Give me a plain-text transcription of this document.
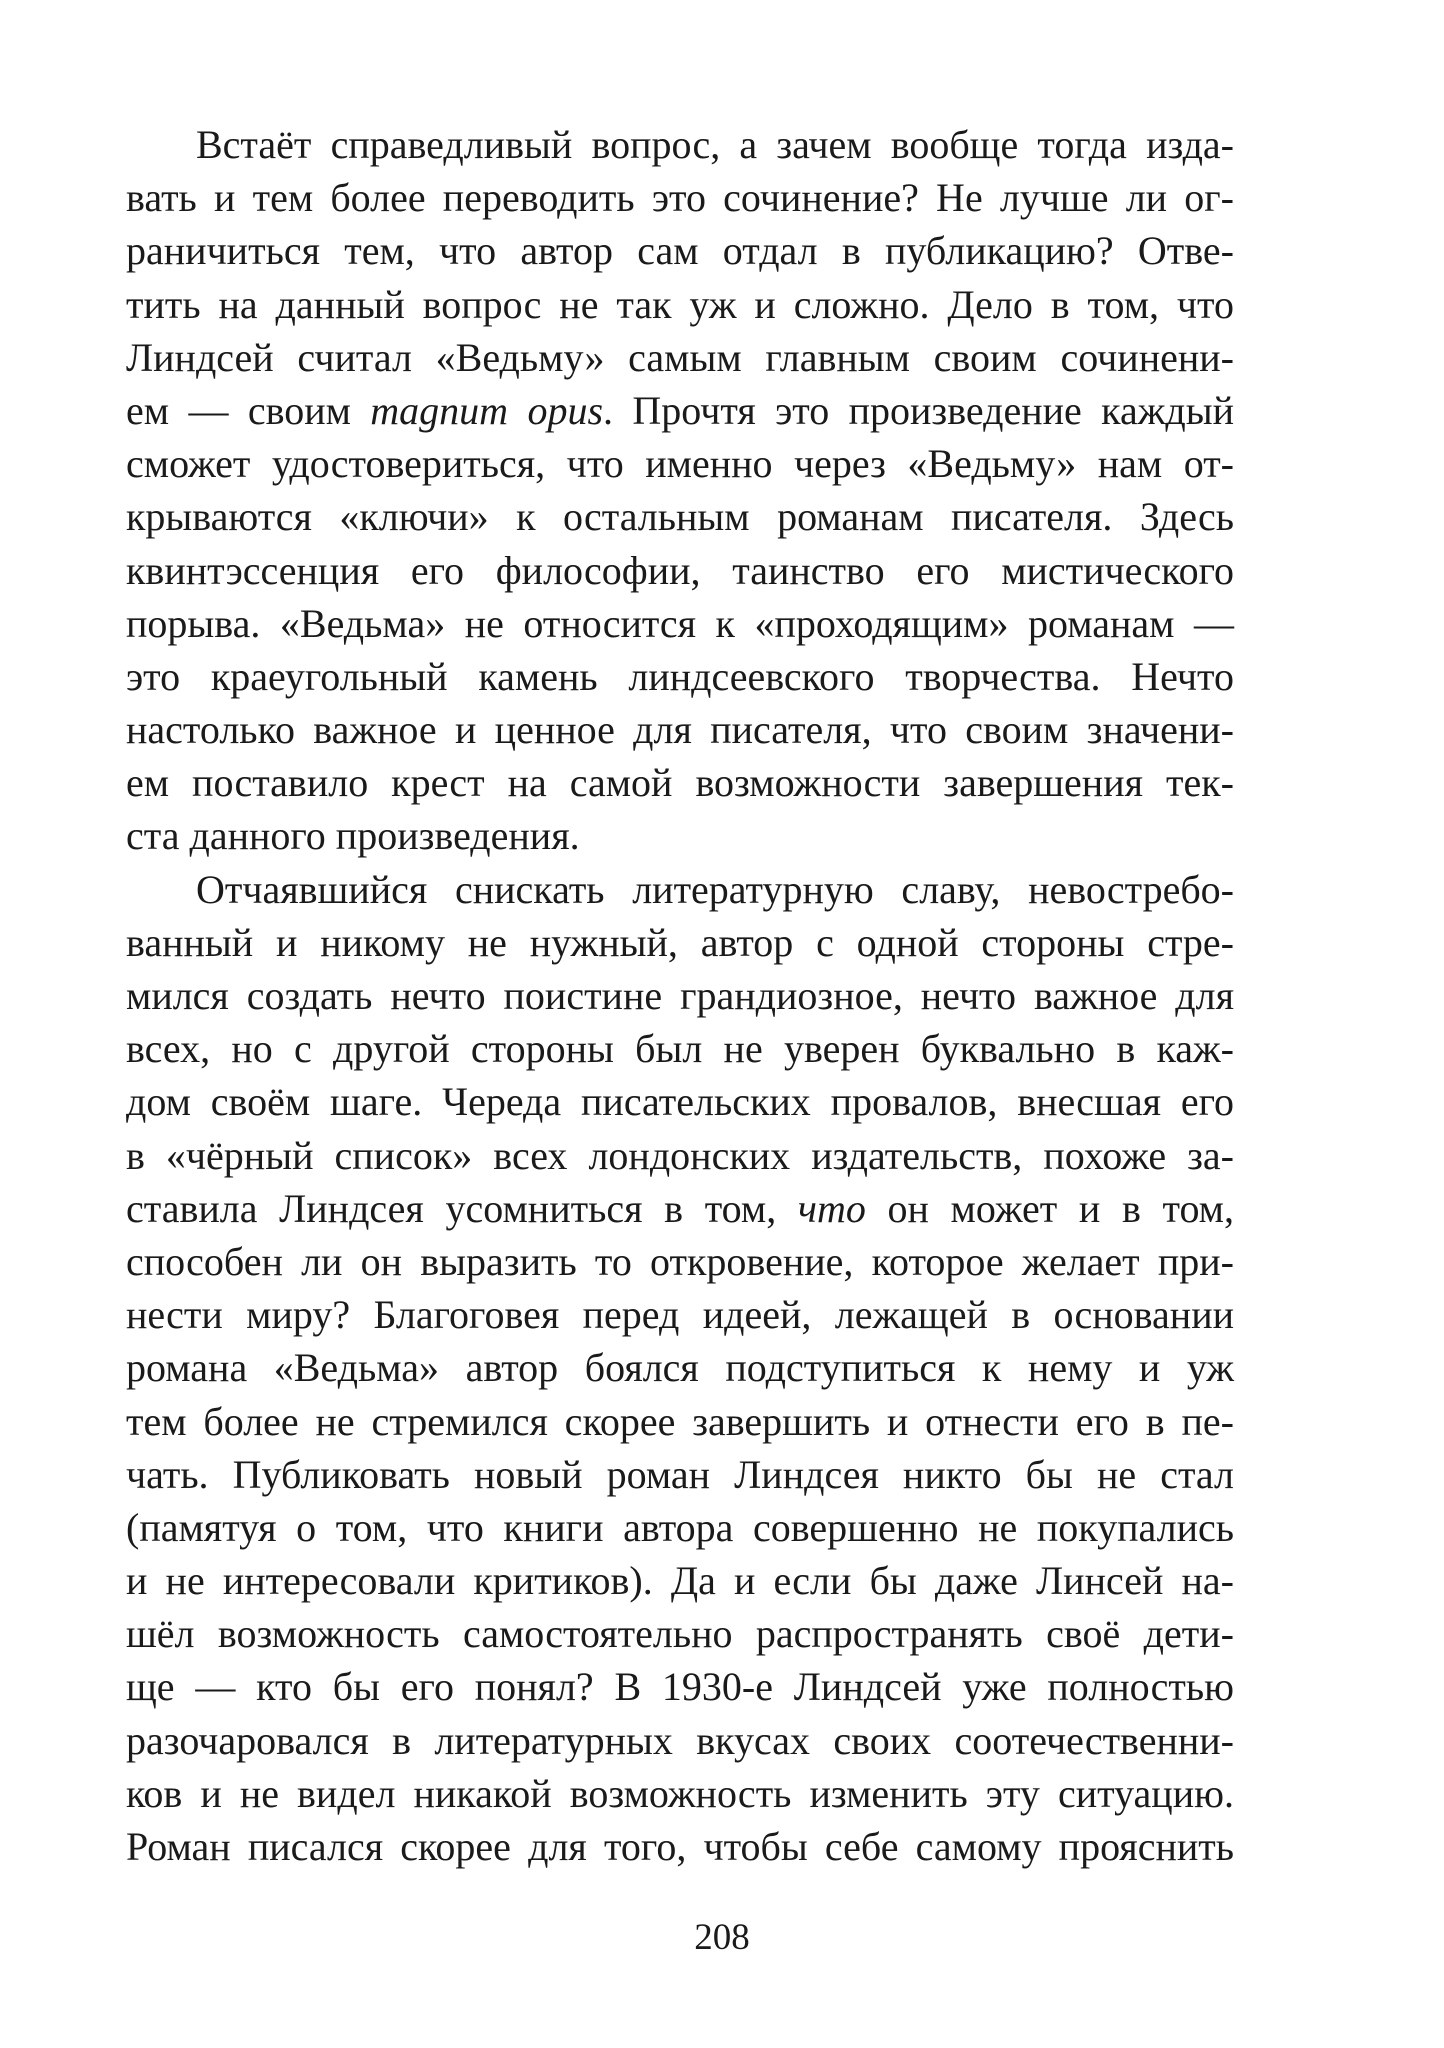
Встаёт справедливый вопрос, а зачем вообще тогда изда-
вать и тем более переводить это сочинение? Не лучше ли ог-
раничиться тем, что автор сам отдал в публикацию? Отве-
тить на данный вопрос не так уж и сложно. Дело в том, что
Линдсей считал «Ведьму» самым главным своим сочинени-
ем — своим magnum opus. Прочтя это произведение каждый
сможет удостовериться, что именно через «Ведьму» нам от-
крываются «ключи» к остальным романам писателя. Здесь
квинтэссенция его философии, таинство его мистического
порыва. «Ведьма» не относится к «проходящим» романам —
это краеугольный камень линдсеевского творчества. Нечто
настолько важное и ценное для писателя, что своим значени-
ем поставило крест на самой возможности завершения тек-
ста данного произведения.
Отчаявшийся снискать литературную славу, невостребо-
ванный и никому не нужный, автор с одной стороны стре-
мился создать нечто поистине грандиозное, нечто важное для
всех, но с другой стороны был не уверен буквально в каж-
дом своём шаге. Череда писательских провалов, внесшая его
в «чёрный список» всех лондонских издательств, похоже за-
ставила Линдсея усомниться в том, что он может и в том,
способен ли он выразить то откровение, которое желает при-
нести миру? Благоговея перед идеей, лежащей в основании
романа «Ведьма» автор боялся подступиться к нему и уж
тем более не стремился скорее завершить и отнести его в пе-
чать. Публиковать новый роман Линдсея никто бы не стал
(памятуя о том, что книги автора совершенно не покупались
и не интересовали критиков). Да и если бы даже Линсей на-
шёл возможность самостоятельно распространять своё дети-
ще — кто бы его понял? В 1930-е Линдсей уже полностью
разочаровался в литературных вкусах своих соотечественни-
ков и не видел никакой возможность изменить эту ситуацию.
Роман писался скорее для того, чтобы себе самому прояснить
208
